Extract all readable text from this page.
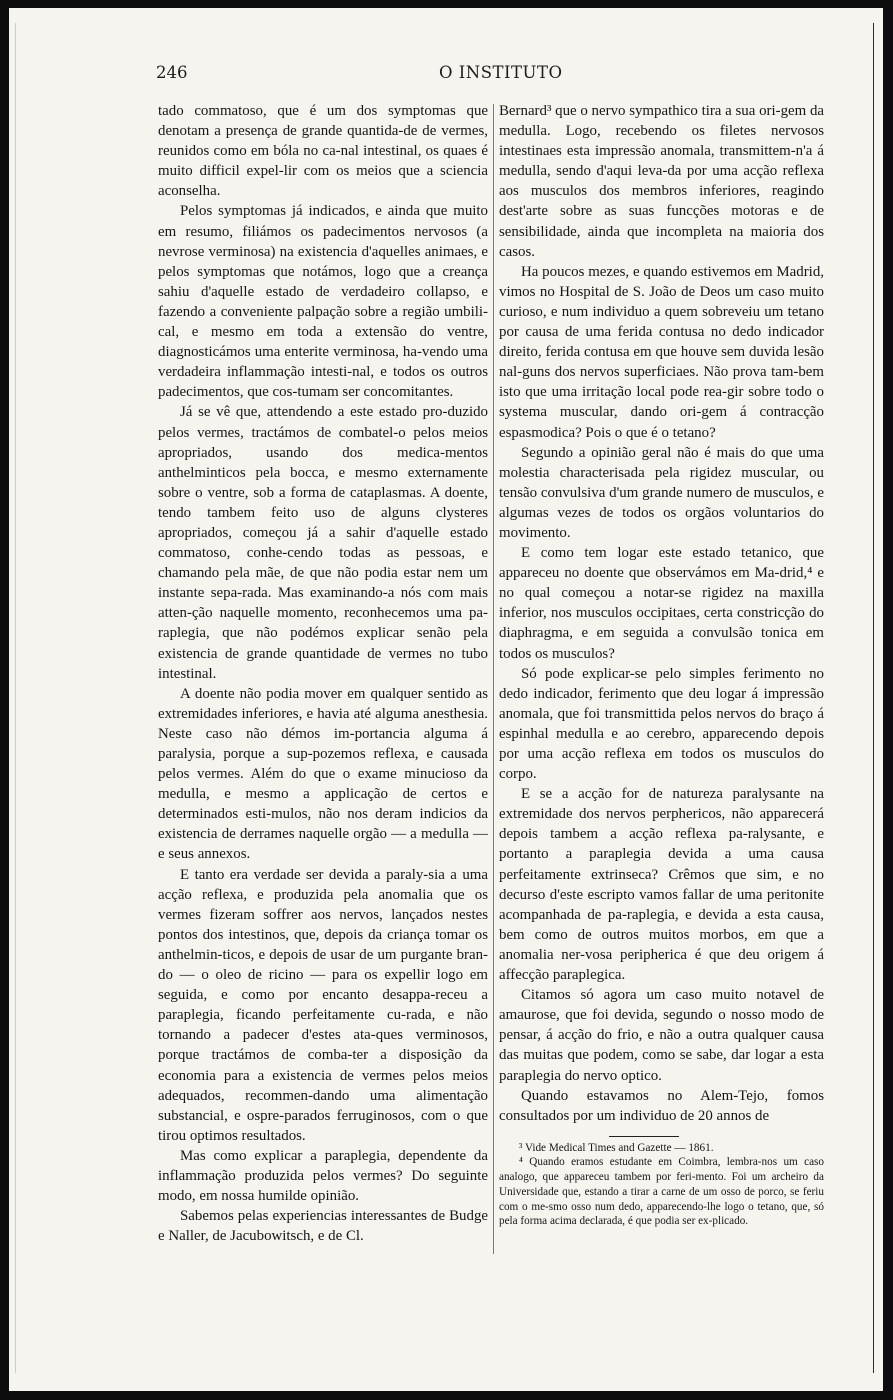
246	O INSTITUTO

tado commatoso, que é um dos symptomas que denotam a presença de grande quantida-de de vermes, reunidos como em bóla no ca-nal intestinal, os quaes é muito difficil expel-lir com os meios que a sciencia aconselha.

Pelos symptomas já indicados, e ainda que muito em resumo, filiámos os padecimentos nervosos (a nevrose verminosa) na existencia d'aquelles animaes, e pelos symptomas que notámos, logo que a creança sahiu d'aquelle estado de verdadeiro collapso, e fazendo a conveniente palpação sobre a região umbili-cal, e mesmo em toda a extensão do ventre, diagnosticámos uma enterite verminosa, ha-vendo uma verdadeira inflammação intesti-nal, e todos os outros padecimentos, que cos-tumam ser concomitantes.

Já se vê que, attendendo a este estado pro-duzido pelos vermes, tractámos de combatel-o pelos meios apropriados, usando dos medica-mentos anthelminticos pela bocca, e mesmo externamente sobre o ventre, sob a forma de cataplasmas. A doente, tendo tambem feito uso de alguns clysteres apropriados, começou já a sahir d'aquelle estado commatoso, conhe-cendo todas as pessoas, e chamando pela mãe, de que não podia estar nem um instante sepa-rada. Mas examinando-a nós com mais atten-ção naquelle momento, reconhecemos uma pa-raplegia, que não podémos explicar senão pela existencia de grande quantidade de vermes no tubo intestinal.

A doente não podia mover em qualquer sentido as extremidades inferiores, e havia até alguma anesthesia. Neste caso não démos im-portancia alguma á paralysia, porque a sup-pozemos reflexa, e causada pelos vermes. Além do que o exame minucioso da medulla, e mesmo a applicação de certos e determinados esti-mulos, não nos deram indicios da existencia de derrames naquelle orgão — a medulla — e seus annexos.

E tanto era verdade ser devida a paraly-sia a uma acção reflexa, e produzida pela anomalia que os vermes fizeram soffrer aos nervos, lançados nestes pontos dos intestinos, que, depois da criança tomar os anthelmin-ticos, e depois de usar de um purgante bran-do — o oleo de ricino — para os expellir logo em seguida, e como por encanto desappa-receu a paraplegia, ficando perfeitamente cu-rada, e não tornando a padecer d'estes ata-ques verminosos, porque tractámos de comba-ter a disposição da economia para a existencia de vermes pelos meios adequados, recommen-dando uma alimentação substancial, e ospre-parados ferruginosos, com o que tirou optimos resultados.

Mas como explicar a paraplegia, dependente da inflammação produzida pelos vermes? Do seguinte modo, em nossa humilde opinião.

Sabemos pelas experiencias interessantes de Budge e Naller, de Jacubowitsch, e de Cl.

Bernard³ que o nervo sympathico tira a sua ori-gem da medulla. Logo, recebendo os filetes nervosos intestinaes esta impressão anomala, transmittem-n'a á medulla, sendo d'aqui leva-da por uma acção reflexa aos musculos dos membros inferiores, reagindo dest'arte sobre as suas funcções motoras e de sensibilidade, ainda que incompleta na maioria dos casos.

Ha poucos mezes, e quando estivemos em Madrid, vimos no Hospital de S. João de Deos um caso muito curioso, e num individuo a quem sobreveiu um tetano por causa de uma ferida contusa no dedo indicador direito, ferida contusa em que houve sem duvida lesão nal-guns dos nervos superficiaes. Não prova tam-bem isto que uma irritação local pode rea-gir sobre todo o systema muscular, dando ori-gem á contracção espasmodica? Pois o que é o tetano?

Segundo a opinião geral não é mais do que uma molestia characterisada pela rigidez muscular, ou tensão convulsiva d'um grande numero de musculos, e algumas vezes de todos os orgãos voluntarios do movimento.

E como tem logar este estado tetanico, que appareceu no doente que observámos em Ma-drid,⁴ e no qual começou a notar-se rigidez na maxilla inferior, nos musculos occipitaes, certa constricção do diaphragma, e em seguida a convulsão tonica em todos os musculos?

Só pode explicar-se pelo simples ferimento no dedo indicador, ferimento que deu logar á impressão anomala, que foi transmittida pelos nervos do braço á espinhal medulla e ao cerebro, apparecendo depois por uma acção reflexa em todos os musculos do corpo.

E se a acção for de natureza paralysante na extremidade dos nervos perphericos, não apparecerá depois tambem a acção reflexa pa-ralysante, e portanto a paraplegia devida a uma causa perfeitamente extrinseca? Crêmos que sim, e no decurso d'este escripto vamos fallar de uma peritonite acompanhada de pa-raplegia, e devida a esta causa, bem como de outros muitos morbos, em que a anomalia ner-vosa peripherica é que deu origem á affecção paraplegica.

Citamos só agora um caso muito notavel de amaurose, que foi devida, segundo o nosso modo de pensar, á acção do frio, e não a outra qualquer causa das muitas que podem, como se sabe, dar logar a esta paraplegia do nervo optico.

Quando estavamos no Alem-Tejo, fomos consultados por um individuo de 20 annos de

³ Vide Medical Times and Gazette — 1861.

⁴ Quando eramos estudante em Coimbra, lembra-nos um caso analogo, que appareceu tambem por feri-mento. Foi um archeiro da Universidade que, estando a tirar a carne de um osso de porco, se feriu com o me-smo osso num dedo, apparecendo-lhe logo o tetano, que, só pela forma acima declarada, é que podia ser ex-plicado.
